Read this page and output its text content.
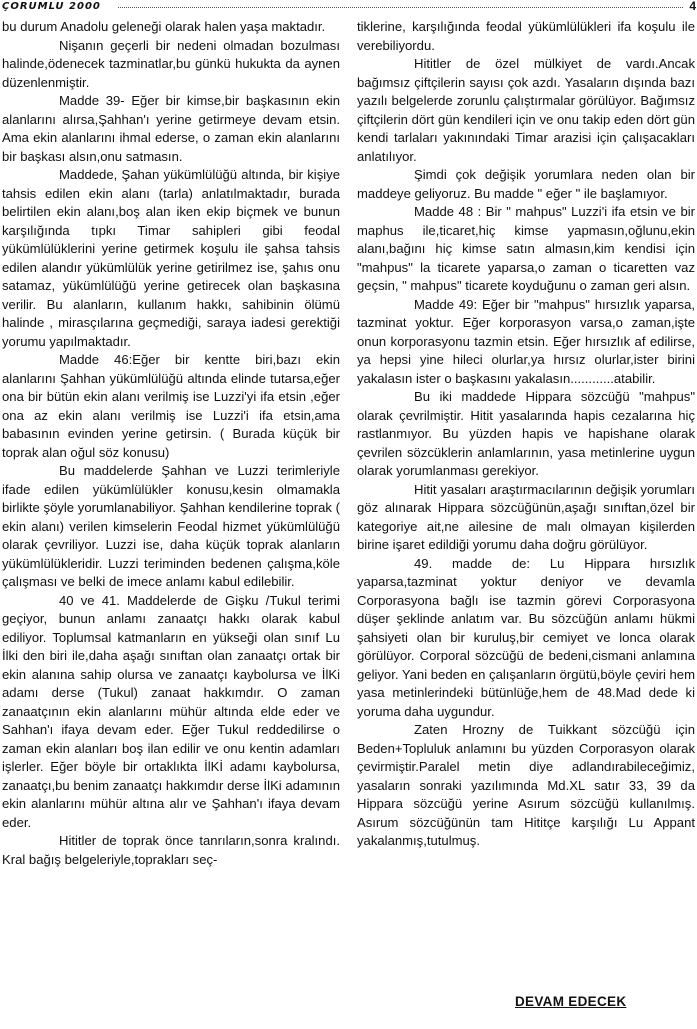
ÇORUMLU 2000	4

bu durum Anadolu geleneği olarak halen yaşa maktadır.

Nişanın geçerli bir nedeni olmadan bozulması halinde,ödenecek tazminatlar,bu günkü hukukta da aynen düzenlenmiştir.

Madde 39- Eğer bir kimse,bir başkasının ekin alanlarını alırsa,Şahhan'ı yerine getirmeye devam etsin. Ama ekin alanlarını ihmal ederse, o zaman ekin alanlarını bir başkası alsın,onu satmasın.

Maddede, Şahan yükümlülüğü altında, bir kişiye tahsis edilen ekin alanı (tarla) anlatılmaktadır, burada belirtilen ekin alanı,boş alan iken ekip biçmek ve bunun karşılığında tıpkı Timar sahipleri gibi feodal yükümlülüklerini yerine getirmek koşulu ile şahsa tahsis edilen alandır yükümlülük yerine getirilmez ise, şahıs onu satamaz, yükümlülüğü yerine getirecek olan başkasına verilir. Bu alanların, kullanım hakkı, sahibinin ölümü halinde , mirasçılarına geçmediği, saraya iadesi gerektiği yorumu yapılmaktadır.

Madde 46:Eğer bir kentte biri,bazı ekin alanlarını Şahhan yükümlülüğü altında elinde tutarsa,eğer ona bir bütün ekin alanı verilmiş ise Luzzi'yi ifa etsin ,eğer ona az ekin alanı verilmiş ise Luzzi'i ifa etsin,ama babasının evinden yerine getirsin. ( Burada küçük bir toprak alan oğul söz konusu)

Bu maddelerde Şahhan ve Luzzi terimleriyle ifade edilen yükümlülükler konusu,kesin olmamakla birlikte şöyle yorumlanabiliyor. Şahhan kendilerine toprak ( ekin alanı) verilen kimselerin Feodal hizmet yükümlülüğü olarak çevriliyor. Luzzi ise, daha küçük toprak alanların yükümlülükleridir. Luzzi teriminden bedenen çalışma,köle çalışması ve belki de imece anlamı kabul edilebilir.

40 ve 41. Maddelerde de Gişku /Tukul terimi geçiyor, bunun anlamı zanaatçı hakkı olarak kabul ediliyor. Toplumsal katmanların en yükseği olan sınıf Lu İlki den biri ile,daha aşağı sınıftan olan zanaatçı ortak bir ekin alanına sahip olursa ve zanaatçı kaybolursa ve İlKi adamı derse (Tukul) zanaat hakkımdır. O zaman zanaatçının ekin alanlarını mühür altında elde eder ve Sahhan'ı ifaya devam eder. Eğer Tukul reddedilirse o zaman ekin alanları boş ilan edilir ve onu kentin adamları işlerler. Eğer böyle bir ortaklıkta İlKİ adamı kaybolursa, zanaatçı,bu benim zanaatçı hakkımdır derse İlKi adamının ekin alanlarını mühür altına alır ve Şahhan'ı ifaya devam eder.

Hititler de toprak önce tanrıların,sonra kralındı. Kral bağış belgeleriyle,toprakları seç-

tiklerine, karşılığında feodal yükümlülükleri ifa koşulu ile verebiliyordu.

Hititler de özel mülkiyet de vardı.Ancak bağımsız çiftçilerin sayısı çok azdı. Yasaların dışında bazı yazılı belgelerde zorunlu çalıştırmalar görülüyor. Bağımsız çiftçilerin dört gün kendileri için ve onu takip eden dört gün kendi tarlaları yakınındaki Timar arazisi için çalışacakları anlatılıyor.

Şimdi çok değişik yorumlara neden olan bir maddeye geliyoruz. Bu madde " eğer " ile başlamıyor.

Madde 48 : Bir " mahpus" Luzzi'i ifa etsin ve bir maphus ile,ticaret,hiç kimse yapmasın,oğlunu,ekin alanı,bağını hiç kimse satın almasın,kim kendisi için "mahpus" la ticarete yaparsa,o zaman o ticaretten vaz geçsin, " mahpus" ticarete koyduğunu o zaman geri alsın.

Madde 49: Eğer bir "mahpus" hırsızlık yaparsa, tazminat yoktur. Eğer korporasyon varsa,o zaman,işte onun korporasyonu tazmin etsin. Eğer hırsızlık af edilirse, ya hepsi yine hileci olurlar,ya hırsız olurlar,ister birini yakalasın ister o başkasını yakalasın............atabilir.

Bu iki maddede Hippara sözcüğü "mahpus" olarak çevrilmiştir. Hitit yasalarında hapis cezalarına hiç rastlanmıyor. Bu yüzden hapis ve hapishane olarak çevrilen sözcüklerin anlamlarının, yasa metinlerine uygun olarak yorumlanması gerekiyor.

Hitit yasaları araştırmacılarının değişik yorumları göz alınarak Hippara sözcüğünün,aşağı sınıftan,özel bir kategoriye ait,ne ailesine de malı olmayan kişilerden birine işaret edildiği yorumu daha doğru görülüyor.

49. madde de: Lu Hippara hırsızlık yaparsa,tazminat yoktur deniyor ve devamla Corporasyona bağlı ise tazmin görevi Corporasyona düşer şeklinde anlatım var. Bu sözcüğün anlamı hükmi şahsiyeti olan bir kuruluş,bir cemiyet ve lonca olarak görülüyor. Corporal sözcüğü de bedeni,cismani anlamına geliyor. Yani beden en çalışanların örgütü,böyle çeviri hem yasa metinlerindeki bütünlüğe,hem de 48.Mad dede ki yoruma daha uygundur.

Zaten Hrozny de Tuikkant sözcüğü için Beden+Topluluk anlamını bu yüzden Corporasyon olarak çevirmiştir.Paralel metin diye adlandırabileceğimiz, yasaların sonraki yazılımında Md.XL satır 33, 39 da Hippara sözcüğü yerine Asırum sözcüğü kullanılmış. Asırum sözcüğünün tam Hititçe karşılığı Lu Appant yakalanmış,tutulmuş.

DEVAM EDECEK
